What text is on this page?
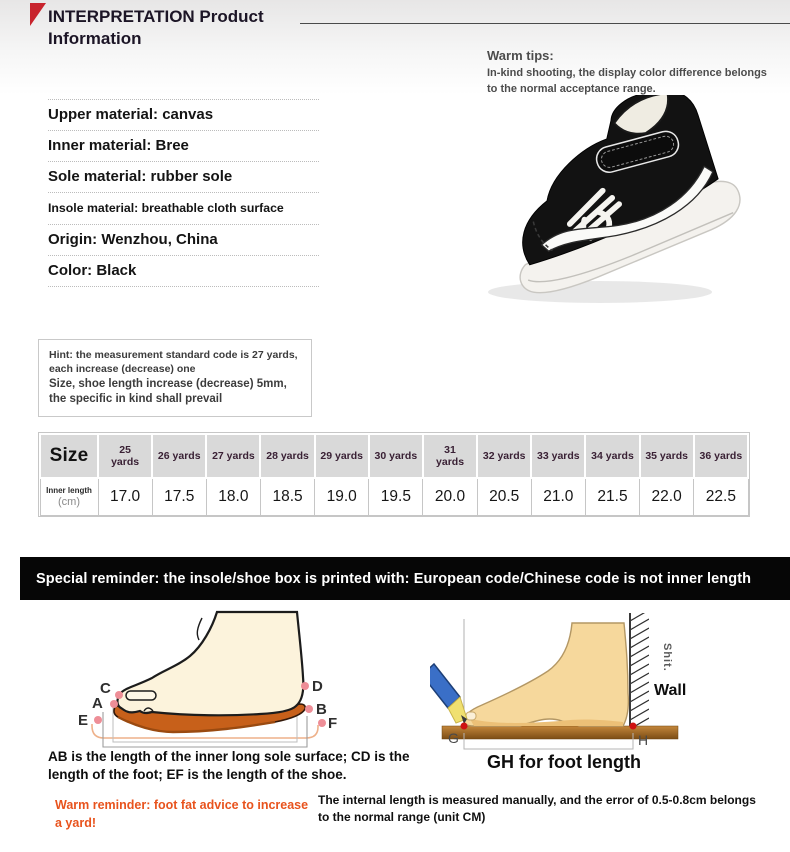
INTERPRETATION Product Information
Warm tips:
In-kind shooting, the display color difference belongs to the normal acceptance range.
Upper material: canvas
Inner material: Bree
Sole material: rubber sole
Insole material: breathable cloth surface
Origin: Wenzhou, China
Color: Black
Hint: the measurement standard code is 27 yards, each increase (decrease) one
Size, shoe length increase (decrease) 5mm, the specific in kind shall prevail
Size	25 yards	26 yards	27 yards	28 yards	29 yards	30 yards	31 yards	32 yards	33 yards	34 yards	35 yards	36 yards

Inner length
(cm)	17.0	17.5	18.0	18.5	19.0	19.5	20.0	20.5	21.0	21.5	22.0	22.5
Special reminder: the insole/shoe box is printed with: European code/Chinese code is not inner length
C
A
E
D
B
F
G	H
Shit.
Wall
AB is the length of the inner long sole surface; CD is the length of the foot; EF is the length of the shoe.
GH for foot length
Warm reminder: foot fat advice to increase a yard!
The internal length is measured manually, and the error of 0.5-0.8cm belongs to the normal range (unit CM)
